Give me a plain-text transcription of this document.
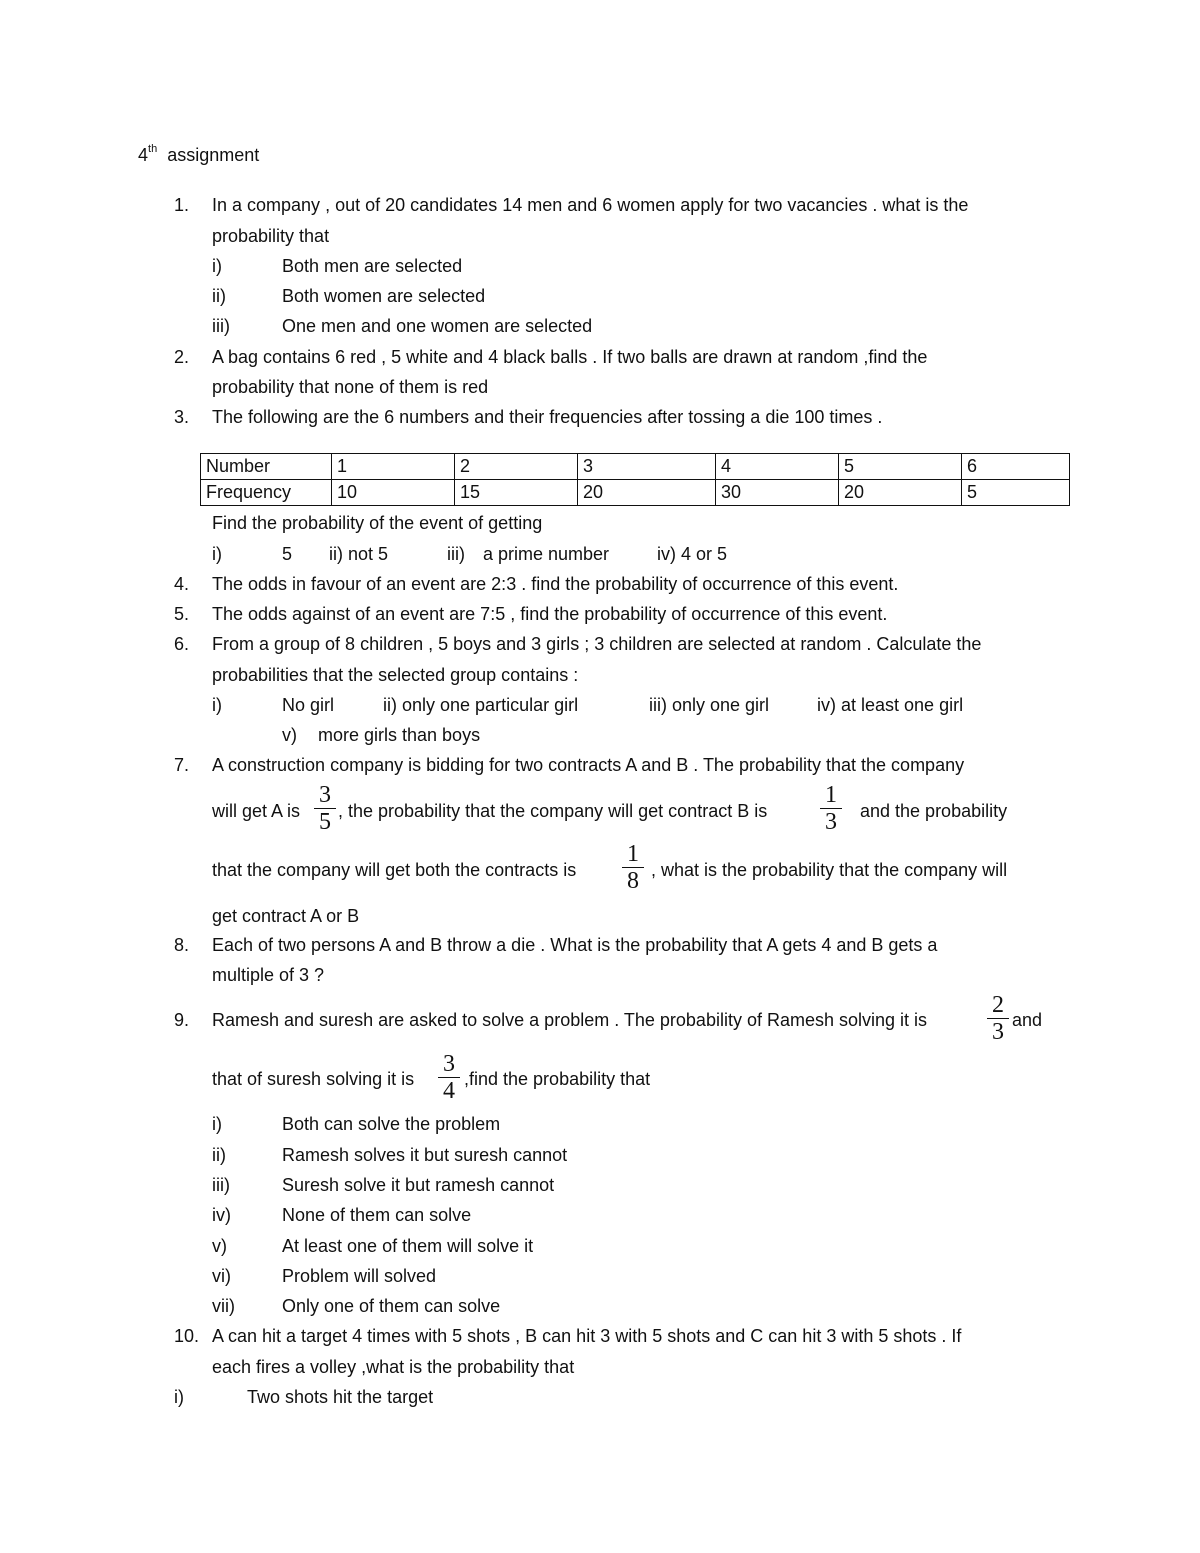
4th assignment
1. In a company , out of 20 candidates 14 men and 6 women apply for two vacancies . what is the
probability that
i)	Both men are selected
ii)	Both women are selected
iii)	One men and one women are selected
2. A bag contains 6 red , 5 white and 4 black balls . If two balls are drawn at random ,find the
probability that none of them is red
3. The following are the 6 numbers and their frequencies after tossing a die 100 times .
Number	1	2	3	4	5	6
Frequency	10	15	20	30	20	5
Find the probability of the event of getting
i)	5 ii) not 5	iii) a prime number	iv) 4 or 5
4. The odds in favour of an event are 2:3 . find the probability of occurrence of this event.
5. The odds against of an event are 7:5 , find the probability of occurrence of this event.
6. From a group of 8 children , 5 boys and 3 girls ; 3 children are selected at random . Calculate the
probabilities that the selected group contains :
i)	No girl	ii) only one particular girl	iii) only one girl	iv) at least one girl
v) more girls than boys
7. A construction company is bidding for two contracts A and B . The probability that the company
will get A is
3
5 , the probability that the company will get contract B is
1
3 and the probability
that the company will get both the contracts is
1
8 , what is the probability that the company will
get contract A or B
8. Each of two persons A and B throw a die . What is the probability that A gets 4 and B gets a
multiple of 3 ?
9. Ramesh and suresh are asked to solve a problem . The probability of Ramesh solving it is
2
3 and
that of suresh solving it is
3
4 ,find the probability that
i)	Both can solve the problem
ii)	Ramesh solves it but suresh cannot
iii)	Suresh solve it but ramesh cannot
iv)	None of them can solve
v)	At least one of them will solve it
vi)	Problem will solved
vii)	Only one of them can solve
10. A can hit a target 4 times with 5 shots , B can hit 3 with 5 shots and C can hit 3 with 5 shots . If
each fires a volley ,what is the probability that
i)	Two shots hit the target
